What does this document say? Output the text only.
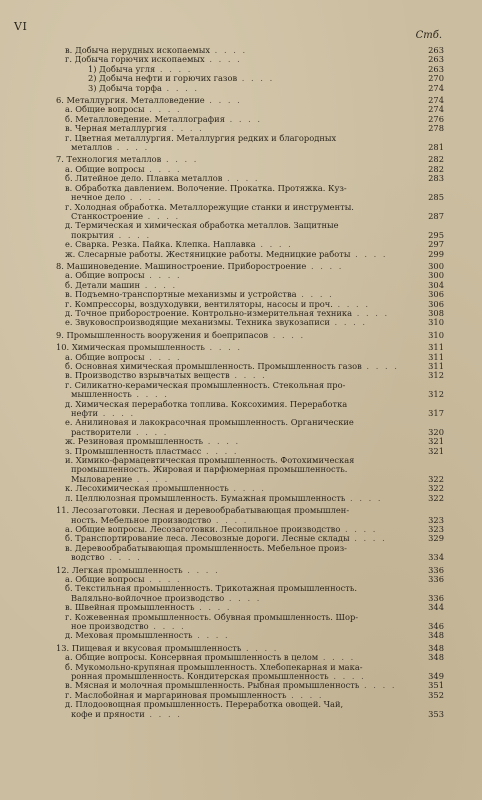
VI
Стб.
в. Добыча нерудных ископаемых . . . .	263
г. Добыча горючих ископаемых . . . .	263
1) Добыча угля . . . .	263
2) Добыча нефти и горючих газов . . . .	270
3) Добыча торфа . . . .	274
6. Металлургия. Металловедение . . . .	274
а. Общие вопросы . . . .	274
б. Металловедение. Металлография . . . .	276
в. Черная металлургия . . . .	278
г. Цветная металлургия. Металлургия редких и благородных
металлов . . . .	281
7. Технология металлов . . . .	282
а. Общие вопросы . . . .	282
б. Литейное дело. Плавка металлов . . . .	283
в. Обработка давлением. Волочение. Прокатка. Протяжка. Куз-
нечное дело . . . .	285
г. Холодная обработка. Металлорежущие станки и инструменты.
Станкостроение . . . .	287
д. Термическая и химическая обработка металлов. Защитные
покрытия . . . .	295
е. Сварка. Резка. Пайка. Клепка. Наплавка . . . .	297
ж. Слесарные работы. Жестяницкие работы. Медницкие работы . . . .	299
8. Машиноведение. Машиностроение. Приборостроение . . . .	300
а. Общие вопросы . . . .	300
б. Детали машин . . . .	304
в. Подъемно-транспортные механизмы и устройства . . . .	306
г. Компрессоры, воздуходувки, вентиляторы, насосы и проч. . . . .	306
д. Точное приборостроение. Контрольно-измерительная техника . . . .	308
е. Звуковоспроизводящие механизмы. Техника звукозаписи . . . .	310
9. Промышленность вооружения и боеприпасов . . . .	310
10. Химическая промышленность . . . .	311
а. Общие вопросы . . . .	311
б. Основная химическая промышленность. Промышленность газов . . . .	311
в. Производство взрывчатых веществ . . . .	312
г. Силикатно-керамическая промышленность. Стекольная про-
мышленность . . . .	312
д. Химическая переработка топлива. Коксохимия. Переработка
нефти . . . .	317
е. Анилиновая и лакокрасочная промышленность. Органические
растворители . . . .	320
ж. Резиновая промышленность . . . .	321
з. Промышленность пластмасс . . . .	321
и. Химико-фармацевтическая промышленность. Фотохимическая
промышленность. Жировая и парфюмерная промышленность.
Мыловарение . . . .	322
к. Лесохимическая промышленность . . . .	322
л. Целлюлозная промышленность. Бумажная промышленность . . . .	322
11. Лесозаготовки. Лесная и деревообрабатывающая промышлен-
ность. Мебельное производство . . . .	323
а. Общие вопросы. Лесозаготовки. Лесопильное производство . . . .	323
б. Транспортирование леса. Лесовозные дороги. Лесные склады . . . .	329
в. Деревообрабатывающая промышленность. Мебельное произ-
водство . . . .	334
12. Легкая промышленность . . . .	336
а. Общие вопросы . . . .	336
б. Текстильная промышленность. Трикотажная промышленность.
Валяльно-войлочное производство . . . .	336
в. Швейная промышленность . . . .	344
г. Кожевенная промышленность. Обувная промышленность. Шор-
ное производство . . . .	346
д. Меховая промышленность . . . .	348
13. Пищевая и вкусовая промышленность . . . .	348
а. Общие вопросы. Консервная промышленность в целом . . . .	348
б. Мукомольно-крупяная промышленность. Хлебопекарная и мака-
ронная промышленность. Кондитерская промышленность . . . .	349
в. Мясная и молочная промышленность. Рыбная промышленность . . . .	351
г. Маслобойная и маргариновая промышленность . . . .	352
д. Плодоовощная промышленность. Переработка овощей. Чай,
кофе и пряности . . . .	353
